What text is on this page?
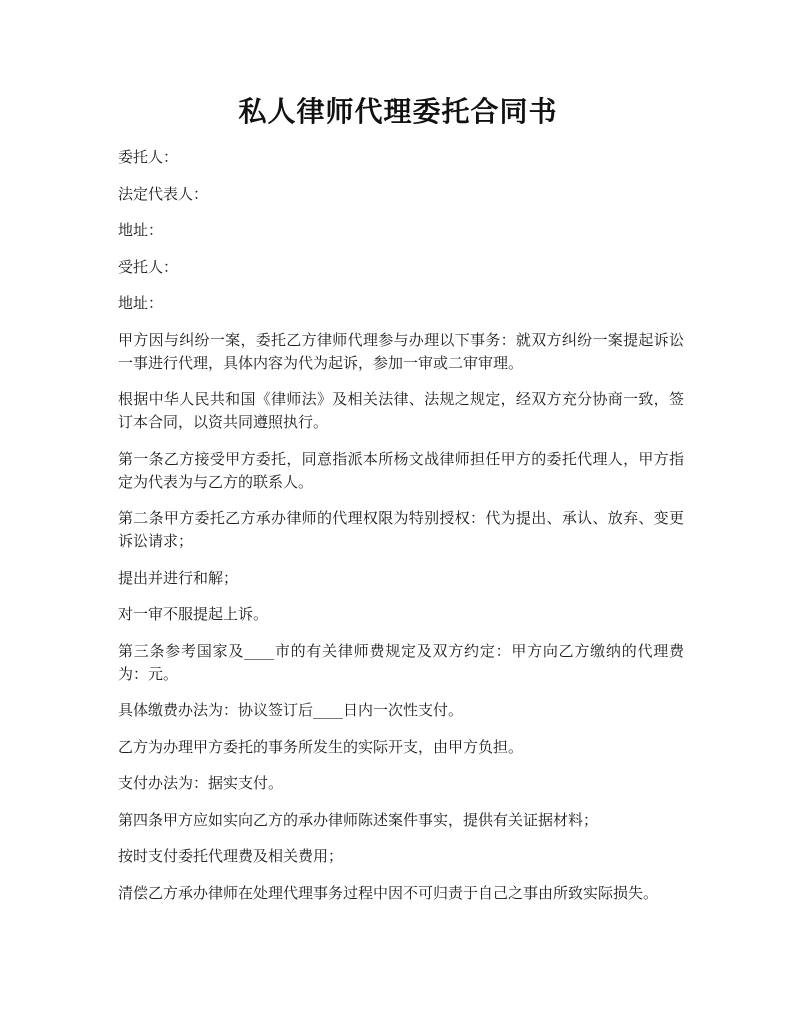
私人律师代理委托合同书

委托人：

法定代表人：

地址：

受托人：

地址：

甲方因与纠纷一案，委托乙方律师代理参与办理以下事务：就双方纠纷一案提起诉讼一事进行代理，具体内容为代为起诉，参加一审或二审审理。

根据中华人民共和国《律师法》及相关法律、法规之规定，经双方充分协商一致，签订本合同，以资共同遵照执行。

第一条乙方接受甲方委托，同意指派本所杨文战律师担任甲方的委托代理人，甲方指定为代表为与乙方的联系人。

第二条甲方委托乙方承办律师的代理权限为特别授权：代为提出、承认、放弃、变更诉讼请求；

提出并进行和解；

对一审不服提起上诉。

第三条参考国家及____市的有关律师费规定及双方约定：甲方向乙方缴纳的代理费为：元。

具体缴费办法为：协议签订后____日内一次性支付。

乙方为办理甲方委托的事务所发生的实际开支，由甲方负担。

支付办法为：据实支付。

第四条甲方应如实向乙方的承办律师陈述案件事实，提供有关证据材料；

按时支付委托代理费及相关费用；

清偿乙方承办律师在处理代理事务过程中因不可归责于自己之事由所致实际损失。
